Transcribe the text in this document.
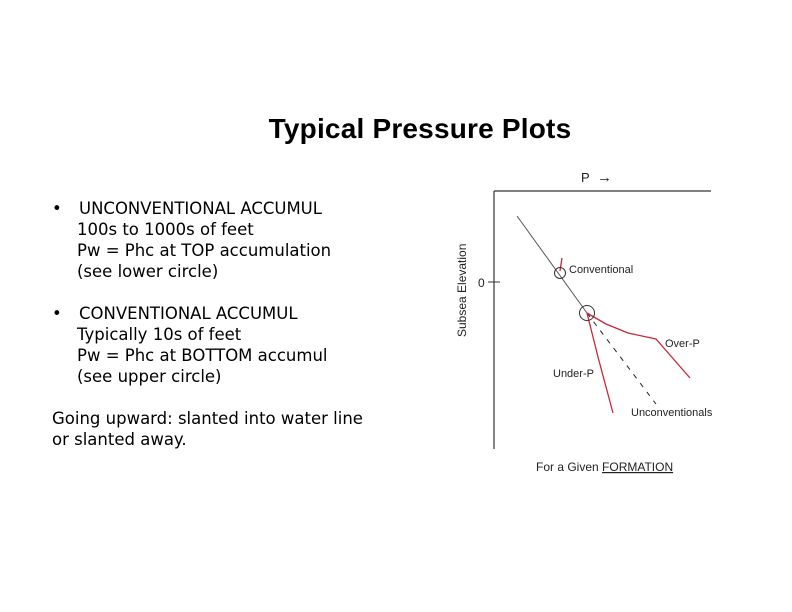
Typical Pressure Plots
•	UNCONVENTIONAL ACCUMUL
100s to 1000s of feet
Pw = Phc at TOP accumulation
(see lower circle)
•	CONVENTIONAL ACCUMUL
Typically 10s of feet
Pw = Phc at BOTTOM accumul
(see upper circle)
Going upward: slanted into water line
or slanted away.
P →
Subsea Elevation 0
Conventional
Over-P
Under-P
Unconventionals
For a Given FORMATION
